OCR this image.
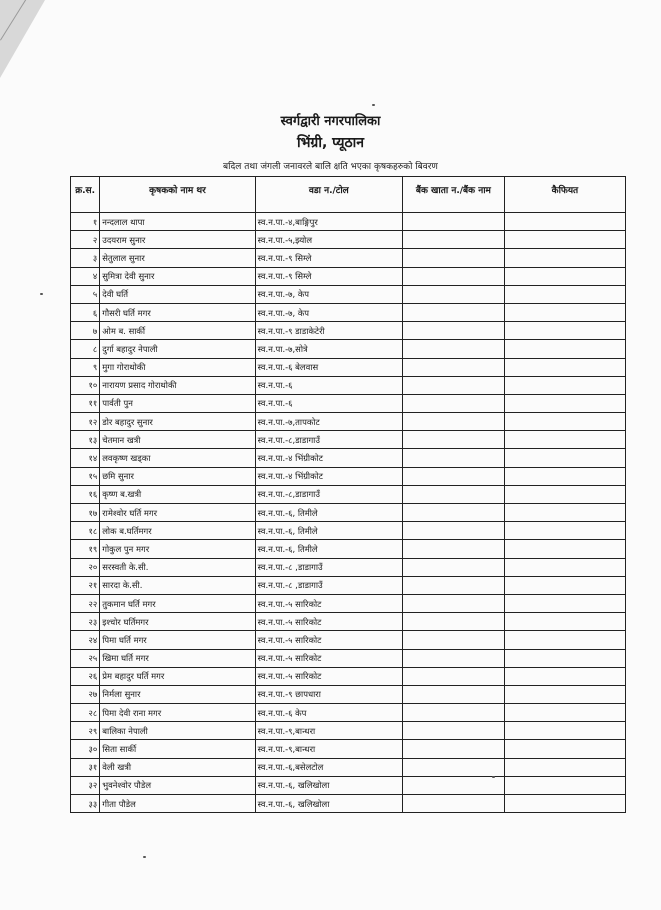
स्वर्गद्वारी नगरपालिका
भिंग्री, प्यूठान
बदिल तथा जंगली जनावरले बालि क्षति भएका कृषकहरुको बिवरण
क्र.स.	कृषकको नाम थर	वडा न./टोल	बैंक खाता न./बैंक नाम	कैफियत
१	नन्दलाल थापा	स्व.न.पा.-४,बाङ्गिपुर		
२	उदयराम सुनार	स्व.न.पा.-५,झ्योल		
३	सेतुलाल सुनार	स्व.न.पा.-९ सिम्ले		
४	सुमित्रा देवी सुनार	स्व.न.पा.-९ सिम्ले		
५	देवी घर्ति	स्व.न.पा.-७, केप		
६	गौसरी घर्ति मगर	स्व.न.पा.-७, केप		
७	ओम ब. सार्की	स्व.न.पा.-९ डाडाकेटेरी		
८	दुर्गा बहादुर नेपाली	स्व.न.पा.-७,सोत्रे		
९	मुगा गोराथोकी	स्व.न.पा.-६ बेलवास		
१०	नारायण प्रसाद गोराथोकी	स्व.न.पा.-६		
११	पार्वती पुन	स्व.न.पा.-६		
१२	डोर बहादुर सुनार	स्व.न.पा.-७,तापकोट		
१३	चेतमान खत्री	स्व.न.पा.-८,डाडागाउँ		
१४	लवकृष्ण खड्का	स्व.न.पा.-४ भिंग्रीकोट		
१५	छमि सुनार	स्व.न.पा.-४ भिंग्रीकोट		
१६	कृष्ण ब.खत्री	स्व.न.पा.-८,डाडागाउँ		
१७	रामेश्वोर घर्ति मगर	स्व.न.पा.-६, तिमीले		
१८	लोक ब.घर्तिमगर	स्व.न.पा.-६, तिमीले		
१९	गोकुल पुन मगर	स्व.न.पा.-६, तिमीले		
२०	सरस्वती के.सी.	स्व.न.पा.-८ ,डाडागाउँ		
२१	सारदा के.सी.	स्व.न.पा.-८ ,डाडागाउँ		
२२	तुकमान घर्ति मगर	स्व.न.पा.-५ सारिकोट		
२३	इश्चोर घर्तिमगर	स्व.न.पा.-५ सारिकोट		
२४	पिमा घर्ति मगर	स्व.न.पा.-५ सारिकोट		
२५	खिमा घर्ति मगर	स्व.न.पा.-५ सारिकोट		
२६	प्रेम बहादुर घर्ति मगर	स्व.न.पा.-५ सारिकोट		
२७	निर्मला सुनार	स्व.न.पा.-९ छापधारा		
२८	पिमा देवी राना मगर	स्व.न.पा.-६ केप		
२९	बालिका नेपाली	स्व.न.पा.-९,बान्धरा		
३०	सिता सार्की	स्व.न.पा.-९,बान्धरा		
३१	वेली खत्री	स्व.न.पा.-६,बसेलटोल		
३२	भुवनेश्वोर पौडेल	स्व.न.पा.-६, खलिखोला		
३३	गीता पौडेल	स्व.न.पा.-६, खलिखोला		
